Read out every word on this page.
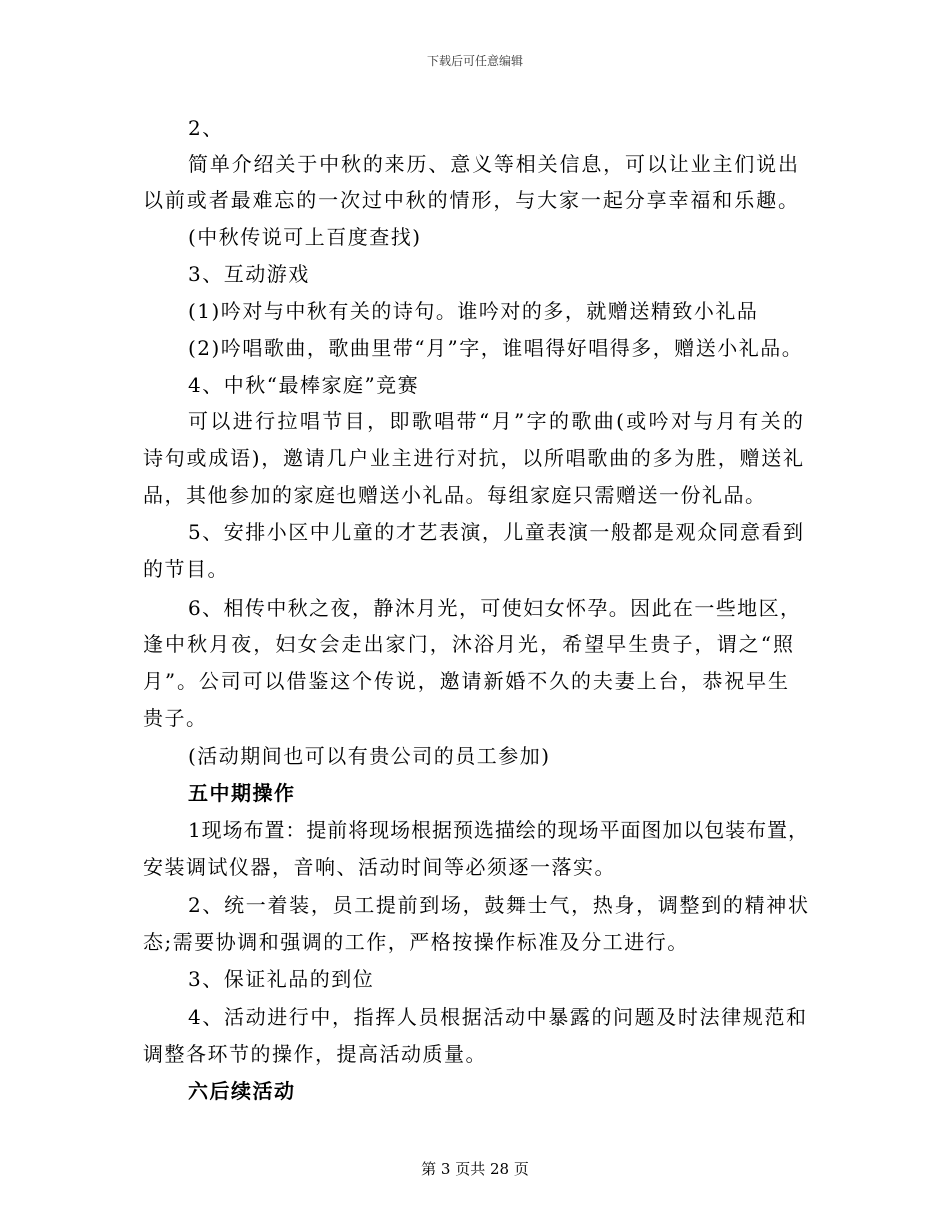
下载后可任意编辑
2、
简单介绍关于中秋的来历、意义等相关信息，可以让业主们说出
以前或者最难忘的一次过中秋的情形，与大家一起分享幸福和乐趣。
(中秋传说可上百度查找)
3、互动游戏
(1)吟对与中秋有关的诗句。谁吟对的多，就赠送精致小礼品
(2)吟唱歌曲，歌曲里带“月”字，谁唱得好唱得多，赠送小礼品。
4、中秋“最棒家庭”竞赛
可以进行拉唱节目，即歌唱带“月”字的歌曲(或吟对与月有关的
诗句或成语)，邀请几户业主进行对抗，以所唱歌曲的多为胜，赠送礼
品，其他参加的家庭也赠送小礼品。每组家庭只需赠送一份礼品。
5、安排小区中儿童的才艺表演，儿童表演一般都是观众同意看到
的节目。
6、相传中秋之夜，静沐月光，可使妇女怀孕。因此在一些地区，
逢中秋月夜，妇女会走出家门，沐浴月光，希望早生贵子，谓之“照
月”。公司可以借鉴这个传说，邀请新婚不久的夫妻上台，恭祝早生
贵子。
(活动期间也可以有贵公司的员工参加)
五中期操作
1现场布置：提前将现场根据预选描绘的现场平面图加以包装布置，
安装调试仪器，音响、活动时间等必须逐一落实。
2、统一着装，员工提前到场，鼓舞士气，热身，调整到的精神状
态;需要协调和强调的工作，严格按操作标准及分工进行。
3、保证礼品的到位
4、活动进行中，指挥人员根据活动中暴露的问题及时法律规范和
调整各环节的操作，提高活动质量。
六后续活动
第 3 页共 28 页
